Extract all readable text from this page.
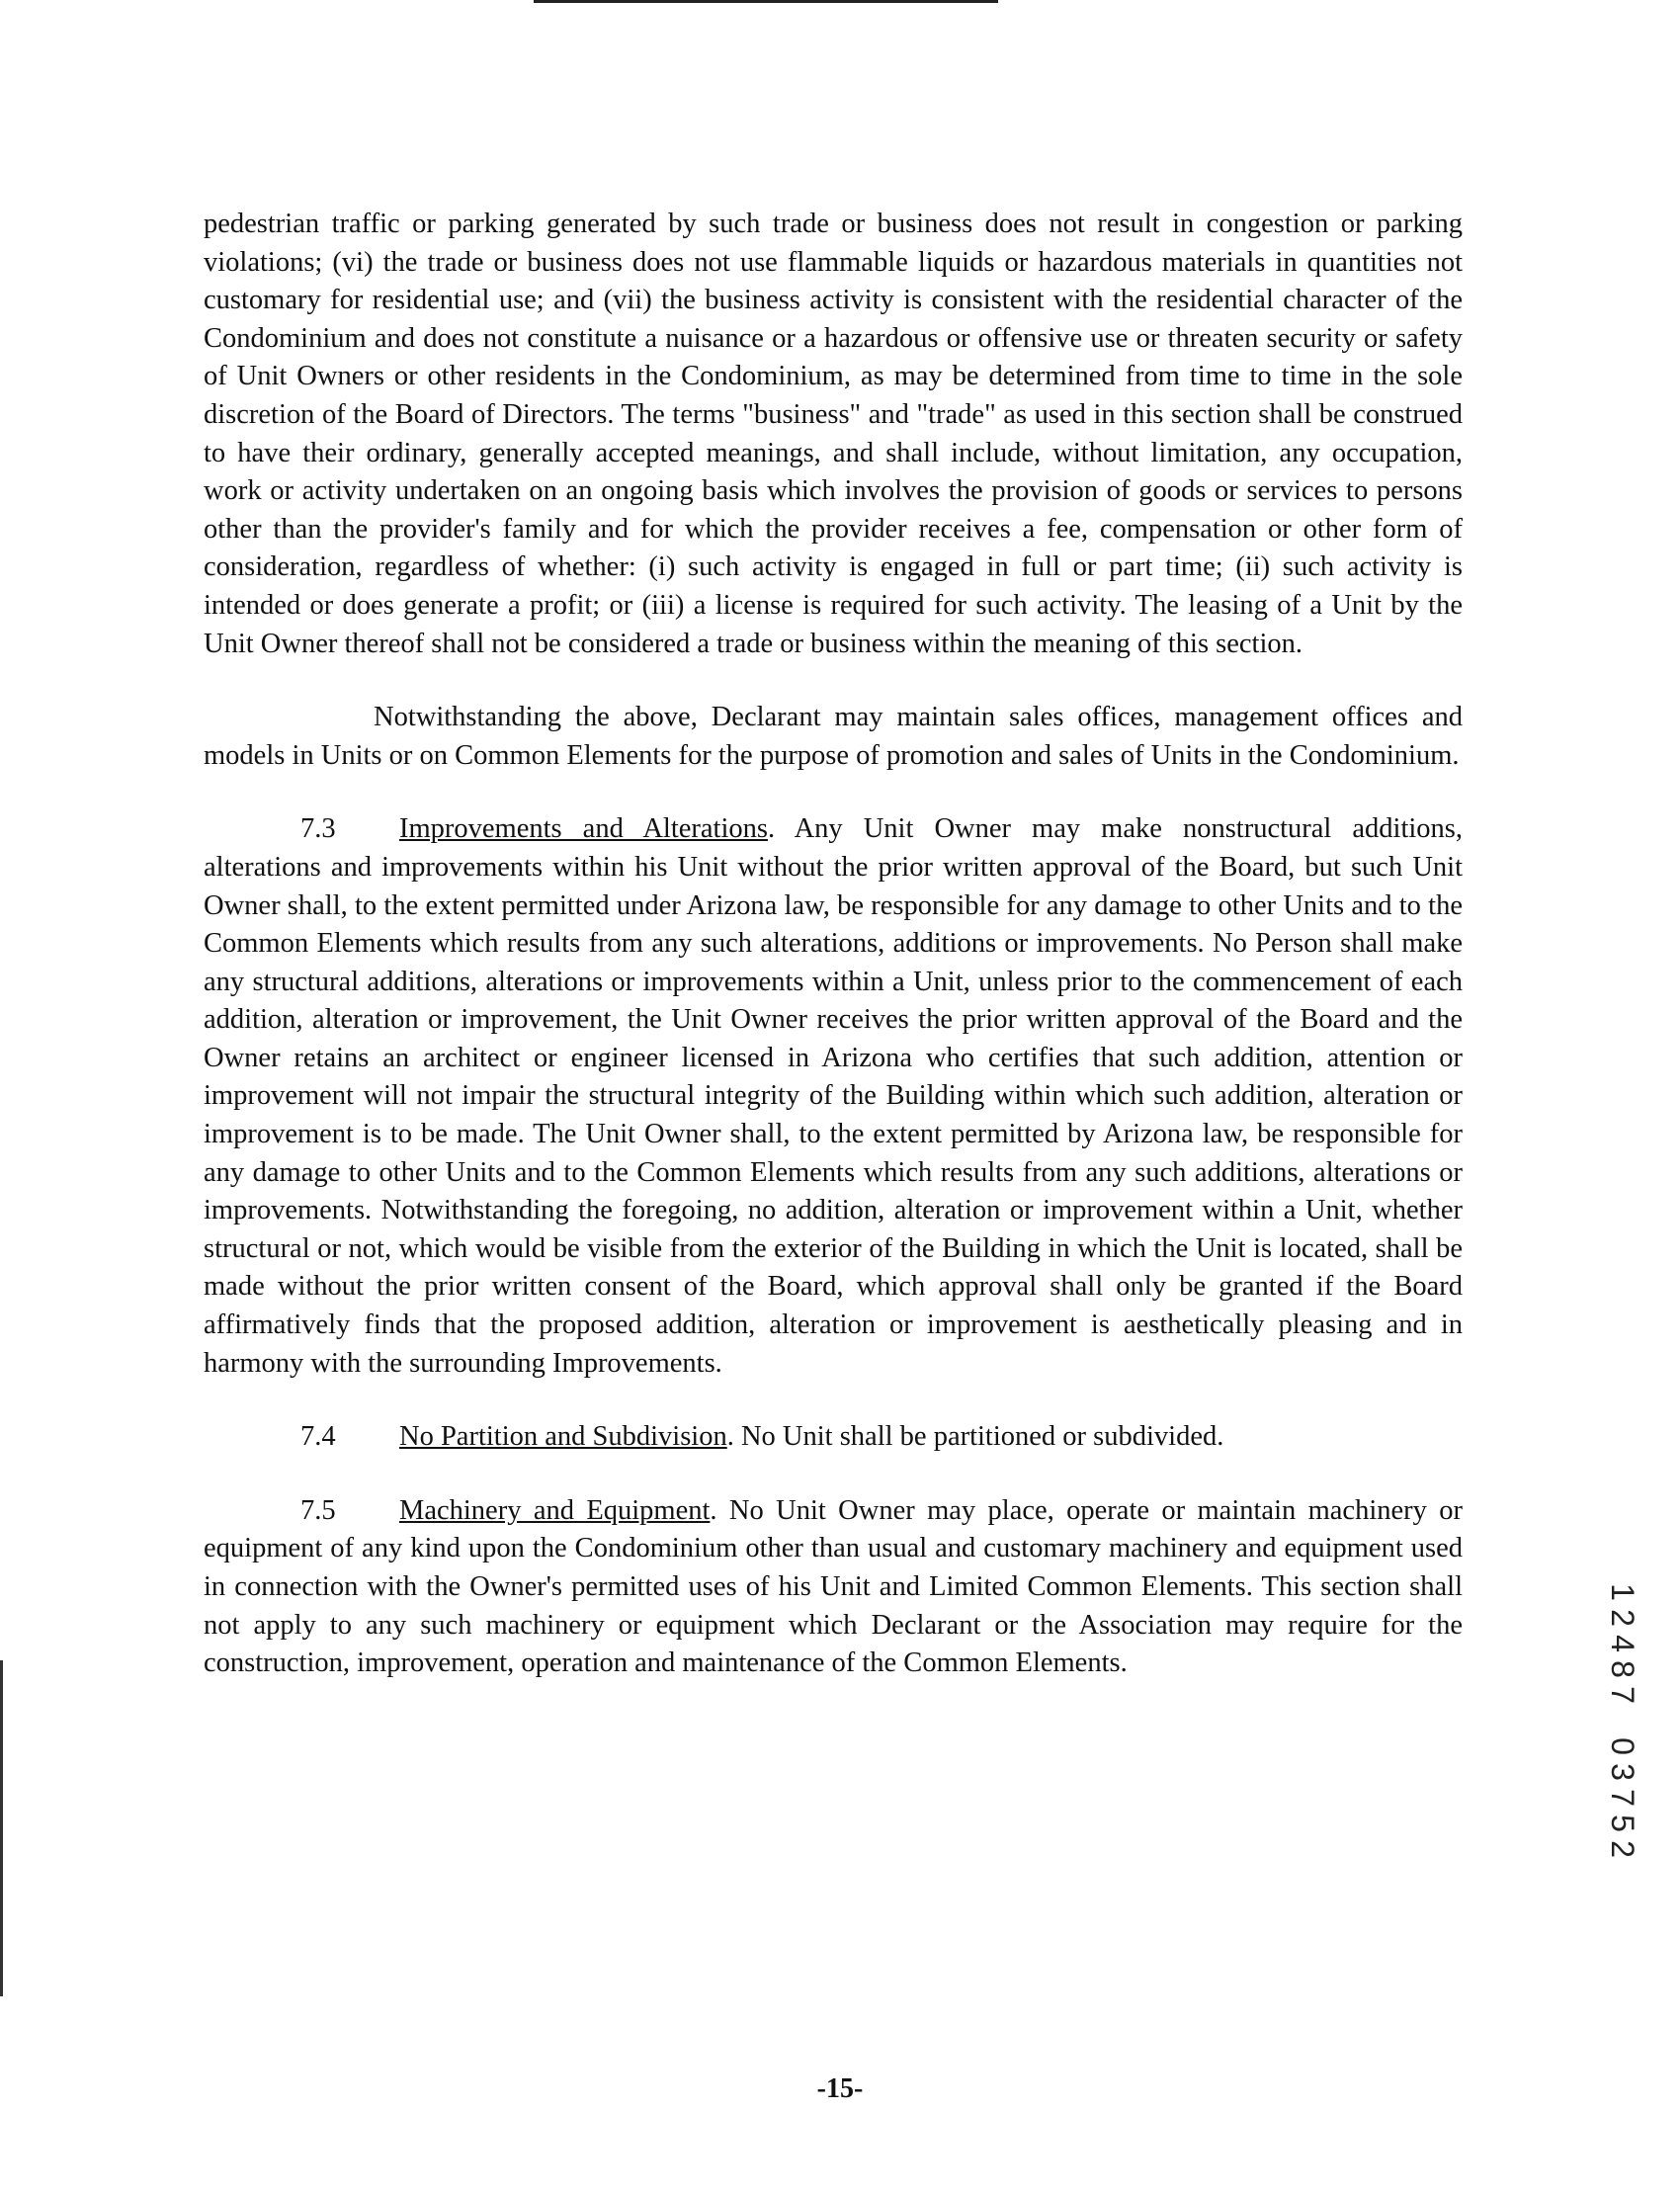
pedestrian traffic or parking generated by such trade or business does not result in congestion or parking violations; (vi) the trade or business does not use flammable liquids or hazardous materials in quantities not customary for residential use; and (vii) the business activity is consistent with the residential character of the Condominium and does not constitute a nuisance or a hazardous or offensive use or threaten security or safety of Unit Owners or other residents in the Condominium, as may be determined from time to time in the sole discretion of the Board of Directors. The terms "business" and "trade" as used in this section shall be construed to have their ordinary, generally accepted meanings, and shall include, without limitation, any occupation, work or activity undertaken on an ongoing basis which involves the provision of goods or services to persons other than the provider's family and for which the provider receives a fee, compensation or other form of consideration, regardless of whether: (i) such activity is engaged in full or part time; (ii) such activity is intended or does generate a profit; or (iii) a license is required for such activity. The leasing of a Unit by the Unit Owner thereof shall not be considered a trade or business within the meaning of this section.

Notwithstanding the above, Declarant may maintain sales offices, management offices and models in Units or on Common Elements for the purpose of promotion and sales of Units in the Condominium.

7.3 Improvements and Alterations. Any Unit Owner may make nonstructural additions, alterations and improvements within his Unit without the prior written approval of the Board, but such Unit Owner shall, to the extent permitted under Arizona law, be responsible for any damage to other Units and to the Common Elements which results from any such alterations, additions or improvements. No Person shall make any structural additions, alterations or improvements within a Unit, unless prior to the commencement of each addition, alteration or improvement, the Unit Owner receives the prior written approval of the Board and the Owner retains an architect or engineer licensed in Arizona who certifies that such addition, attention or improvement will not impair the structural integrity of the Building within which such addition, alteration or improvement is to be made. The Unit Owner shall, to the extent permitted by Arizona law, be responsible for any damage to other Units and to the Common Elements which results from any such additions, alterations or improvements. Notwithstanding the foregoing, no addition, alteration or improvement within a Unit, whether structural or not, which would be visible from the exterior of the Building in which the Unit is located, shall be made without the prior written consent of the Board, which approval shall only be granted if the Board affirmatively finds that the proposed addition, alteration or improvement is aesthetically pleasing and in harmony with the surrounding Improvements.

7.4 No Partition and Subdivision. No Unit shall be partitioned or subdivided.

7.5 Machinery and Equipment. No Unit Owner may place, operate or maintain machinery or equipment of any kind upon the Condominium other than usual and customary machinery and equipment used in connection with the Owner's permitted uses of his Unit and Limited Common Elements. This section shall not apply to any such machinery or equipment which Declarant or the Association may require for the construction, improvement, operation and maintenance of the Common Elements.

1
2
4
8
7
0
3
7
5
2
-15-
